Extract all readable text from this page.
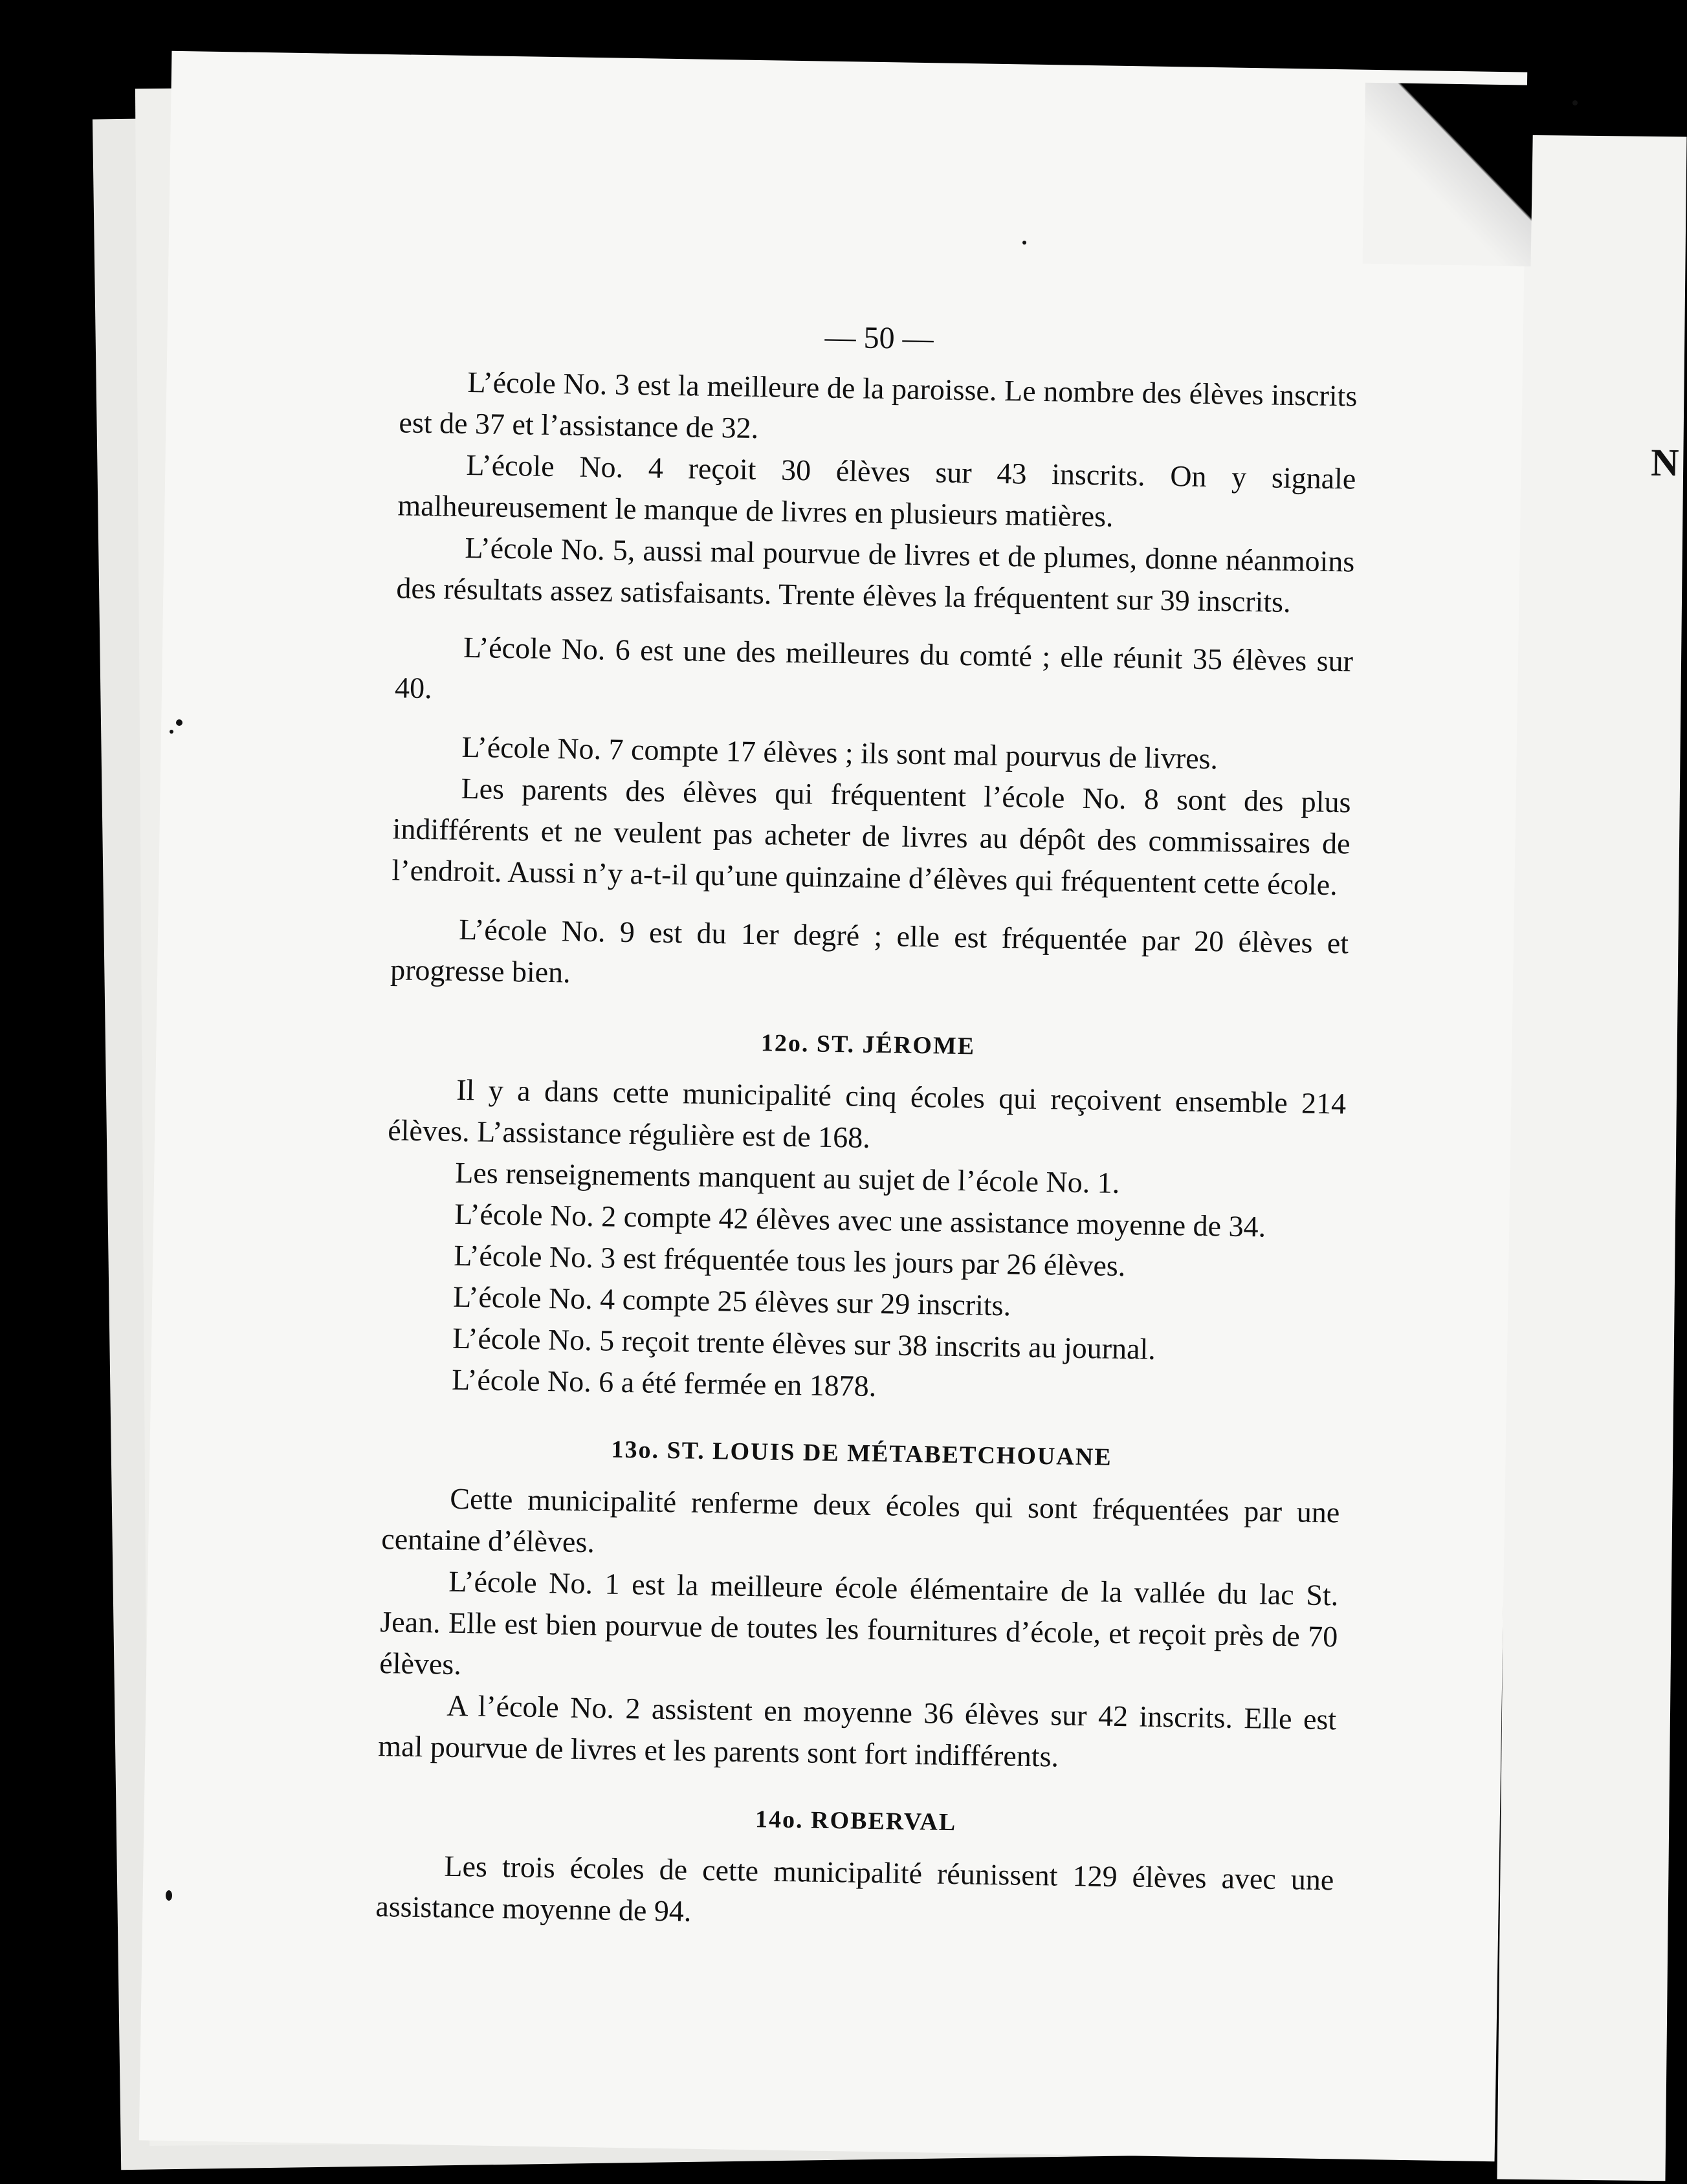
N
— 50 —

L’école No. 3 est la meilleure de la paroisse. Le nombre des élèves inscrits est de 37 et l’assistance de 32.

L’école No. 4 reçoit 30 élèves sur 43 inscrits. On y signale malheureusement le manque de livres en plusieurs matières.

L’école No. 5, aussi mal pourvue de livres et de plumes, donne néanmoins des résultats assez satisfaisants. Trente élèves la fréquentent sur 39 inscrits.

L’école No. 6 est une des meilleures du comté ; elle réunit 35 élèves sur 40.

L’école No. 7 compte 17 élèves ; ils sont mal pourvus de livres.

Les parents des élèves qui fréquentent l’école No. 8 sont des plus indifférents et ne veulent pas acheter de livres au dépôt des commissaires de l’endroit. Aussi n’y a-t-il qu’une quinzaine d’élèves qui fréquentent cette école.

L’école No. 9 est du 1er degré ; elle est fréquentée par 20 élèves et progresse bien.

12o. ST. JÉROME

Il y a dans cette municipalité cinq écoles qui reçoivent ensemble 214 élèves. L’assistance régulière est de 168.

Les renseignements manquent au sujet de l’école No. 1.

L’école No. 2 compte 42 élèves avec une assistance moyenne de 34.

L’école No. 3 est fréquentée tous les jours par 26 élèves.

L’école No. 4 compte 25 élèves sur 29 inscrits.

L’école No. 5 reçoit trente élèves sur 38 inscrits au journal.

L’école No. 6 a été fermée en 1878.

13o. ST. LOUIS DE MÉTABETCHOUANE

Cette municipalité renferme deux écoles qui sont fréquentées par une centaine d’élèves.

L’école No. 1 est la meilleure école élémentaire de la vallée du lac St. Jean. Elle est bien pourvue de toutes les fournitures d’école, et reçoit près de 70 élèves.

A l’école No. 2 assistent en moyenne 36 élèves sur 42 inscrits. Elle est mal pourvue de livres et les parents sont fort indifférents.

14o. ROBERVAL

Les trois écoles de cette municipalité réunissent 129 élèves avec une assistance moyenne de 94.
